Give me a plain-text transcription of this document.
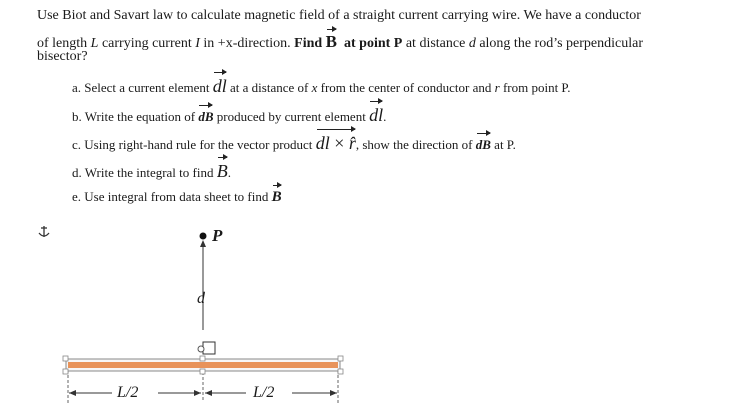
Use Biot and Savart law to calculate magnetic field of a straight current carrying wire. We have a conductor
of length L carrying current I in +x-direction. Find B at point P at distance d along the rod’s perpendicular
bisector?
a. Select a current element dl at a distance of x from the center of conductor and r from point P.
b. Write the equation of dB produced by current element dl.
c. Using right-hand rule for the vector product dl × r̂, show the direction of dB at P.
d. Write the integral to find B.
e. Use integral from data sheet to find B
P
d
L/2	L/2
